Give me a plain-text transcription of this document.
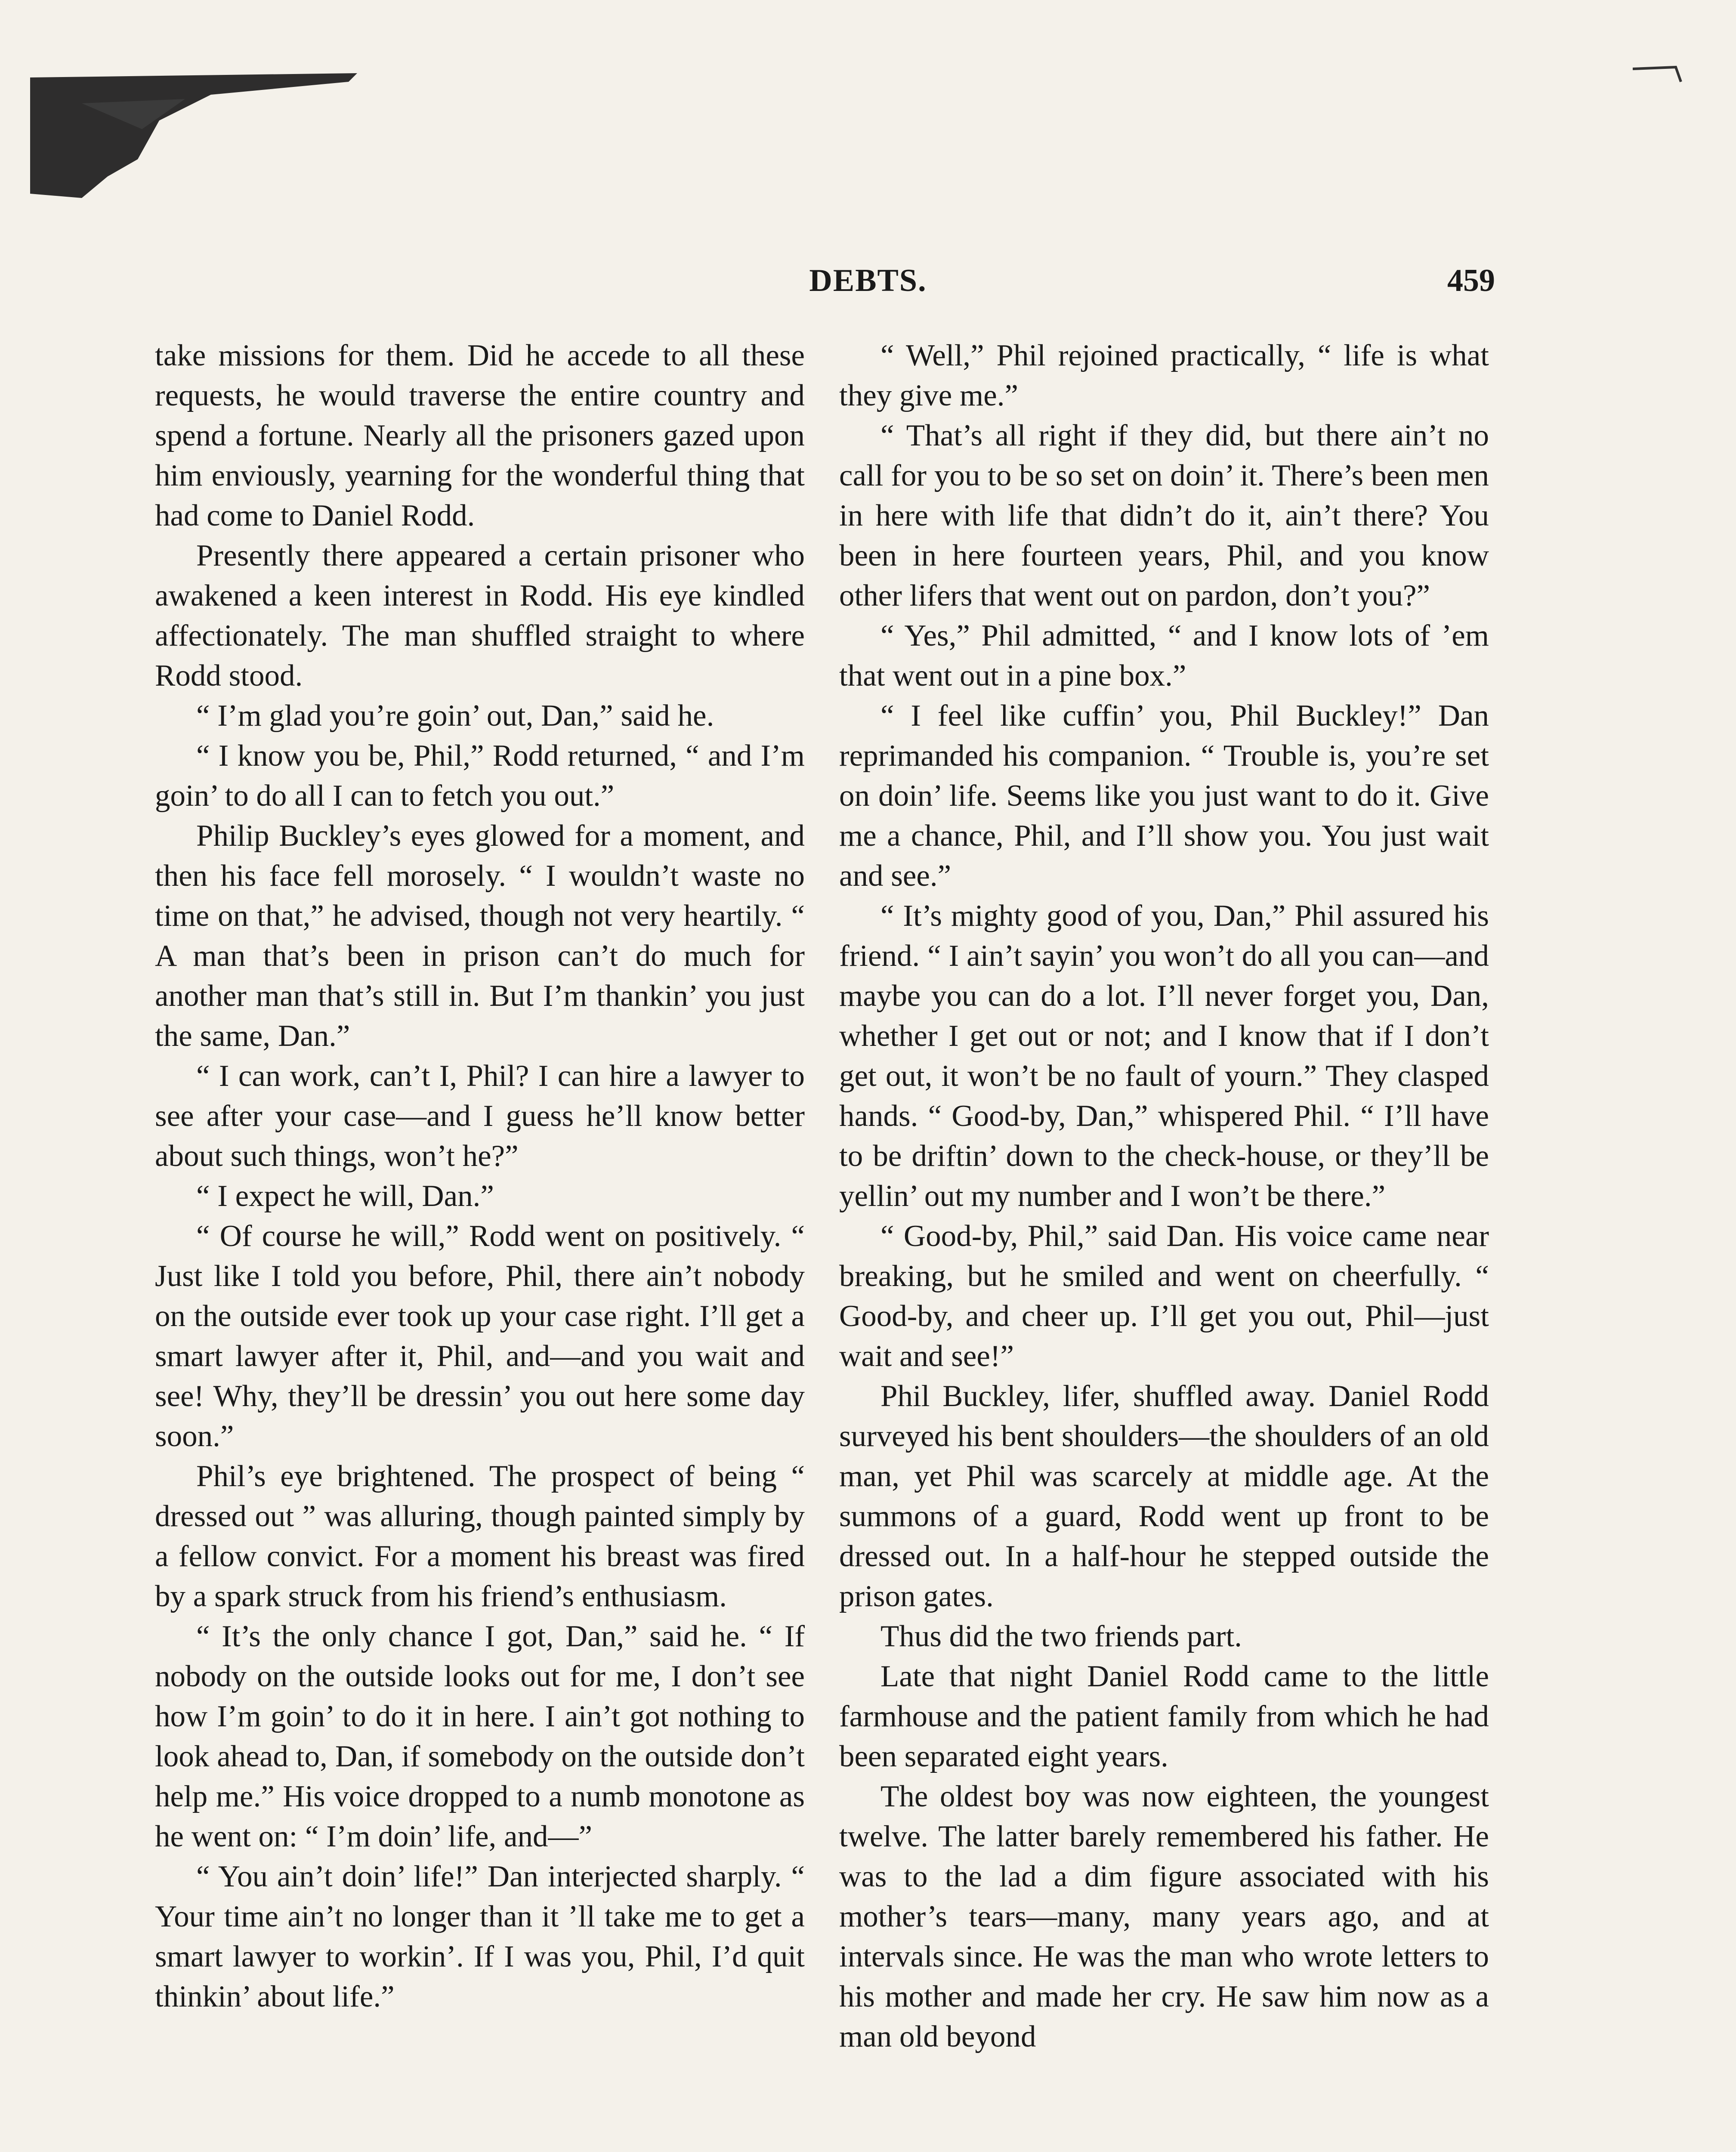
DEBTS.	459

take missions for them. Did he accede to all these requests, he would traverse the entire country and spend a fortune. Nearly all the prisoners gazed upon him enviously, yearning for the wonderful thing that had come to Daniel Rodd.

Presently there appeared a certain prisoner who awakened a keen interest in Rodd. His eye kindled affectionately. The man shuffled straight to where Rodd stood.

“ I’m glad you’re goin’ out, Dan,” said he.

“ I know you be, Phil,” Rodd returned, “ and I’m goin’ to do all I can to fetch you out.”

Philip Buckley’s eyes glowed for a moment, and then his face fell morosely. “ I wouldn’t waste no time on that,” he advised, though not very heartily. “ A man that’s been in prison can’t do much for another man that’s still in. But I’m thankin’ you just the same, Dan.”

“ I can work, can’t I, Phil? I can hire a lawyer to see after your case—and I guess he’ll know better about such things, won’t he?”

“ I expect he will, Dan.”

“ Of course he will,” Rodd went on positively. “ Just like I told you before, Phil, there ain’t nobody on the outside ever took up your case right. I’ll get a smart lawyer after it, Phil, and—and you wait and see! Why, they’ll be dressin’ you out here some day soon.”

Phil’s eye brightened. The prospect of being “ dressed out ” was alluring, though painted simply by a fellow convict. For a moment his breast was fired by a spark struck from his friend’s enthusiasm.

“ It’s the only chance I got, Dan,” said he. “ If nobody on the outside looks out for me, I don’t see how I’m goin’ to do it in here. I ain’t got nothing to look ahead to, Dan, if somebody on the outside don’t help me.” His voice dropped to a numb monotone as he went on: “ I’m doin’ life, and—”

“ You ain’t doin’ life!” Dan interjected sharply. “ Your time ain’t no longer than it ’ll take me to get a smart lawyer to workin’. If I was you, Phil, I’d quit thinkin’ about life.”

“ Well,” Phil rejoined practically, “ life is what they give me.”

“ That’s all right if they did, but there ain’t no call for you to be so set on doin’ it. There’s been men in here with life that didn’t do it, ain’t there? You been in here fourteen years, Phil, and you know other lifers that went out on pardon, don’t you?”

“ Yes,” Phil admitted, “ and I know lots of ’em that went out in a pine box.”

“ I feel like cuffin’ you, Phil Buckley!” Dan reprimanded his companion. “ Trouble is, you’re set on doin’ life. Seems like you just want to do it. Give me a chance, Phil, and I’ll show you. You just wait and see.”

“ It’s mighty good of you, Dan,” Phil assured his friend. “ I ain’t sayin’ you won’t do all you can—and maybe you can do a lot. I’ll never forget you, Dan, whether I get out or not; and I know that if I don’t get out, it won’t be no fault of yourn.” They clasped hands. “ Good-by, Dan,” whispered Phil. “ I’ll have to be driftin’ down to the check-house, or they’ll be yellin’ out my number and I won’t be there.”

“ Good-by, Phil,” said Dan. His voice came near breaking, but he smiled and went on cheerfully. “ Good-by, and cheer up. I’ll get you out, Phil—just wait and see!”

Phil Buckley, lifer, shuffled away. Daniel Rodd surveyed his bent shoulders—the shoulders of an old man, yet Phil was scarcely at middle age. At the summons of a guard, Rodd went up front to be dressed out. In a half-hour he stepped outside the prison gates.

Thus did the two friends part.

Late that night Daniel Rodd came to the little farmhouse and the patient family from which he had been separated eight years.

The oldest boy was now eighteen, the youngest twelve. The latter barely remembered his father. He was to the lad a dim figure associated with his mother’s tears—many, many years ago, and at intervals since. He was the man who wrote letters to his mother and made her cry. He saw him now as a man old beyond
